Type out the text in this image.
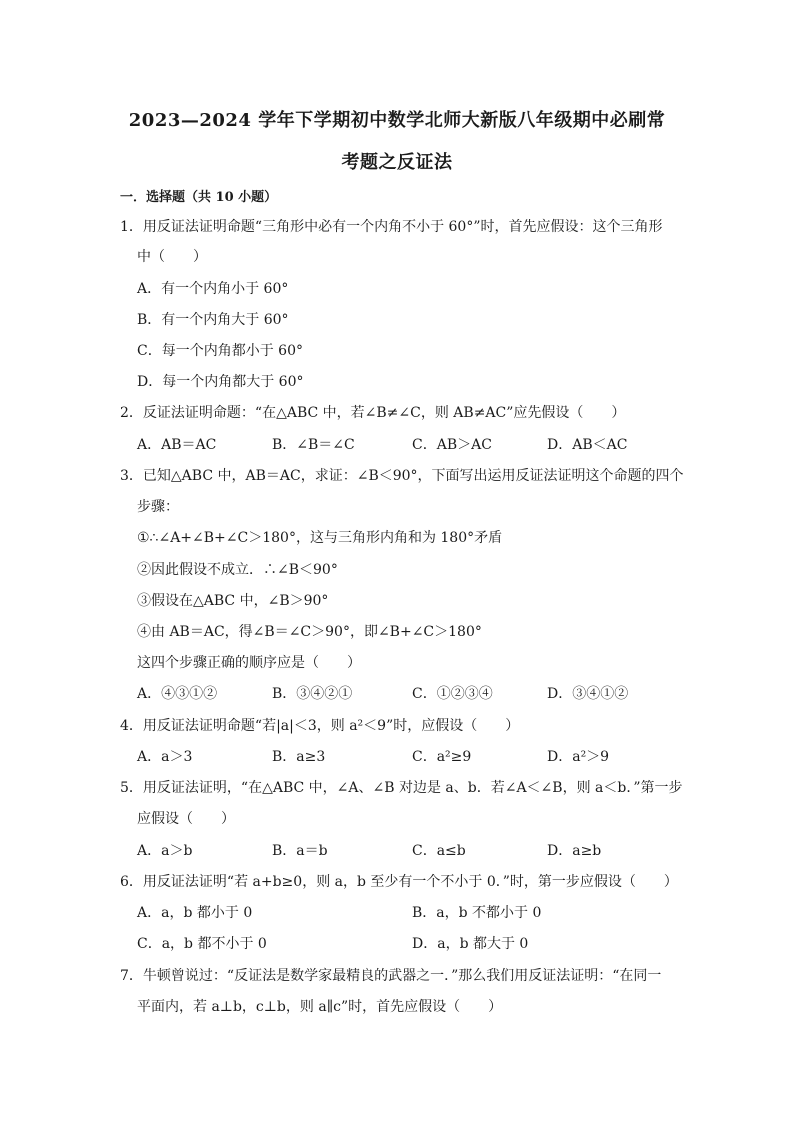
2023—2024 学年下学期初中数学北师大新版八年级期中必刷常
考题之反证法
一．选择题（共 10 小题）
1．用反证法证明命题“三角形中必有一个内角不小于 60°”时，首先应假设：这个三角形
中（　　）
A．有一个内角小于 60°
B．有一个内角大于 60°
C．每一个内角都小于 60°
D．每一个内角都大于 60°
2．反证法证明命题：“在△ABC 中，若∠B≠∠C，则 AB≠AC”应先假设（　　）
A．AB＝AC	B．∠B＝∠C	C．AB＞AC	D．AB＜AC
3．已知△ABC 中，AB＝AC，求证：∠B＜90°，下面写出运用反证法证明这个命题的四个
步骤：
①∴∠A+∠B+∠C＞180°，这与三角形内角和为 180°矛盾
②因此假设不成立．∴∠B＜90°
③假设在△ABC 中，∠B＞90°
④由 AB＝AC，得∠B＝∠C＞90°，即∠B+∠C＞180°
这四个步骤正确的顺序应是（　　）
A．④③①②	B．③④②①	C．①②③④	D．③④①②
4．用反证法证明命题“若|a|＜3，则 a²＜9”时，应假设（　　）
A．a＞3	B．a≥3	C．a²≥9	D．a²＞9
5．用反证法证明，“在△ABC 中，∠A、∠B 对边是 a、b．若∠A＜∠B，则 a＜b．”第一步
应假设（　　）
A．a＞b	B．a＝b	C．a≤b	D．a≥b
6．用反证法证明“若 a+b≥0，则 a，b 至少有一个不小于 0．”时，第一步应假设（　　）
A．a，b 都小于 0	B．a，b 不都小于 0
C．a，b 都不小于 0	D．a，b 都大于 0
7．牛顿曾说过：“反证法是数学家最精良的武器之一．”那么我们用反证法证明：“在同一
平面内，若 a⊥b，c⊥b，则 a∥c”时，首先应假设（　　）
